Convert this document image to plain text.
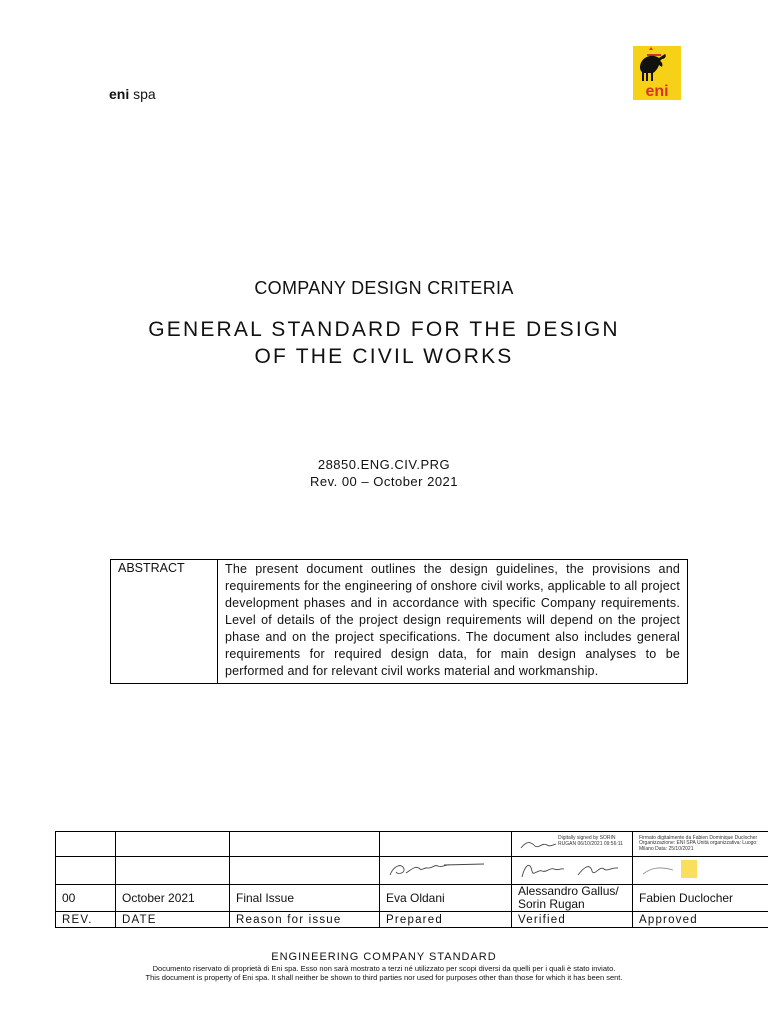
eni spa	eni
COMPANY DESIGN CRITERIA
GENERAL STANDARD FOR THE DESIGN
OF THE CIVIL WORKS
28850.ENG.CIV.PRG
Rev. 00 – October 2021
ABSTRACT	The present document outlines the design guidelines, the provisions and requirements for the engineering of onshore civil works, applicable to all project development phases and in accordance with specific Company requirements. Level of details of the project design requirements will depend on the project phase and on the project specifications. The document also includes general requirements for required design data, for main design analyses to be performed and for relevant civil works material and workmanship.

				Digitally signed by SORIN RUGAN 06/10/2021 09:56:11	Firmato digitalmente da Fabien Dominique Duclocher Organizzazione: ENI SPA Unità organizzativa: Luogo: Milano Data: 25/10/2021

00	October 2021	Final Issue	Eva Oldani	Alessandro Gallus/ Sorin Rugan	Fabien Duclocher
REV.	DATE	Reason for issue	Prepared	Verified	Approved
ENGINEERING COMPANY STANDARD
Documento riservato di proprietà di Eni spa. Esso non sarà mostrato a terzi né utilizzato per scopi diversi da quelli per i quali è stato inviato.
This document is property of Eni spa. It shall neither be shown to third parties nor used for purposes other than those for which it has been sent.
